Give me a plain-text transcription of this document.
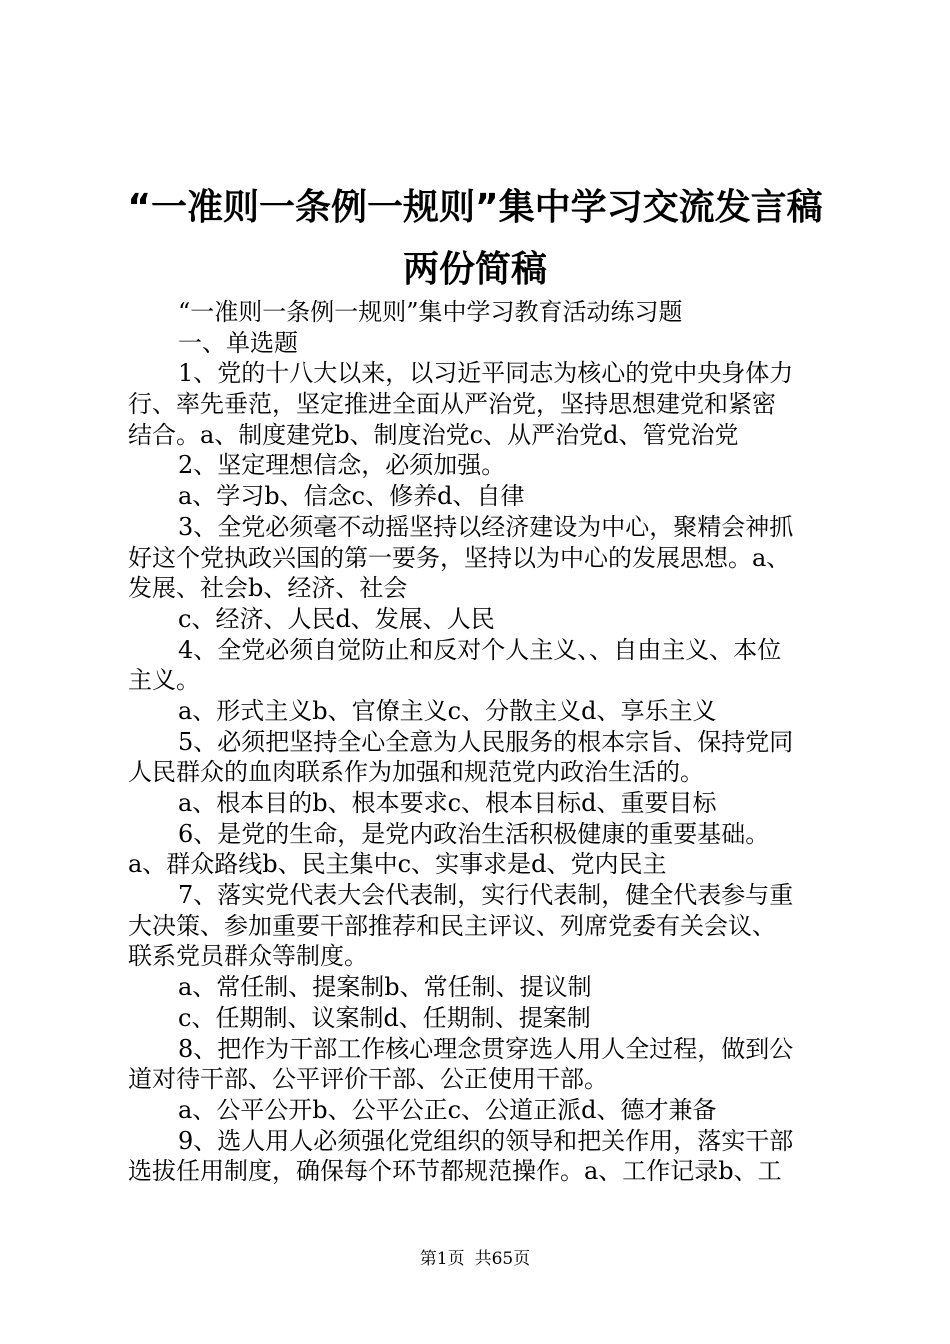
“一准则一条例一规则”集中学习交流发言稿
两份简稿
“一准则一条例一规则”集中学习教育活动练习题
一、单选题
1、党的十八大以来，以习近平同志为核心的党中央身体力
行、率先垂范，坚定推进全面从严治党，坚持思想建党和紧密
结合。a、制度建党b、制度治党c、从严治党d、管党治党
2、坚定理想信念，必须加强。
a、学习b、信念c、修养d、自律
3、全党必须毫不动摇坚持以经济建设为中心，聚精会神抓
好这个党执政兴国的第一要务，坚持以为中心的发展思想。a、
发展、社会b、经济、社会
c、经济、人民d、发展、人民
4、全党必须自觉防止和反对个人主义、、自由主义、本位
主义。
a、形式主义b、官僚主义c、分散主义d、享乐主义
5、必须把坚持全心全意为人民服务的根本宗旨、保持党同
人民群众的血肉联系作为加强和规范党内政治生活的。
a、根本目的b、根本要求c、根本目标d、重要目标
6、是党的生命，是党内政治生活积极健康的重要基础。
a、群众路线b、民主集中c、实事求是d、党内民主
7、落实党代表大会代表制，实行代表制，健全代表参与重
大决策、参加重要干部推荐和民主评议、列席党委有关会议、
联系党员群众等制度。
a、常任制、提案制b、常任制、提议制
c、任期制、议案制d、任期制、提案制
8、把作为干部工作核心理念贯穿选人用人全过程，做到公
道对待干部、公平评价干部、公正使用干部。
a、公平公开b、公平公正c、公道正派d、德才兼备
9、选人用人必须强化党组织的领导和把关作用，落实干部
选拔任用制度，确保每个环节都规范操作。a、工作记录b、工
第1页 共65页
